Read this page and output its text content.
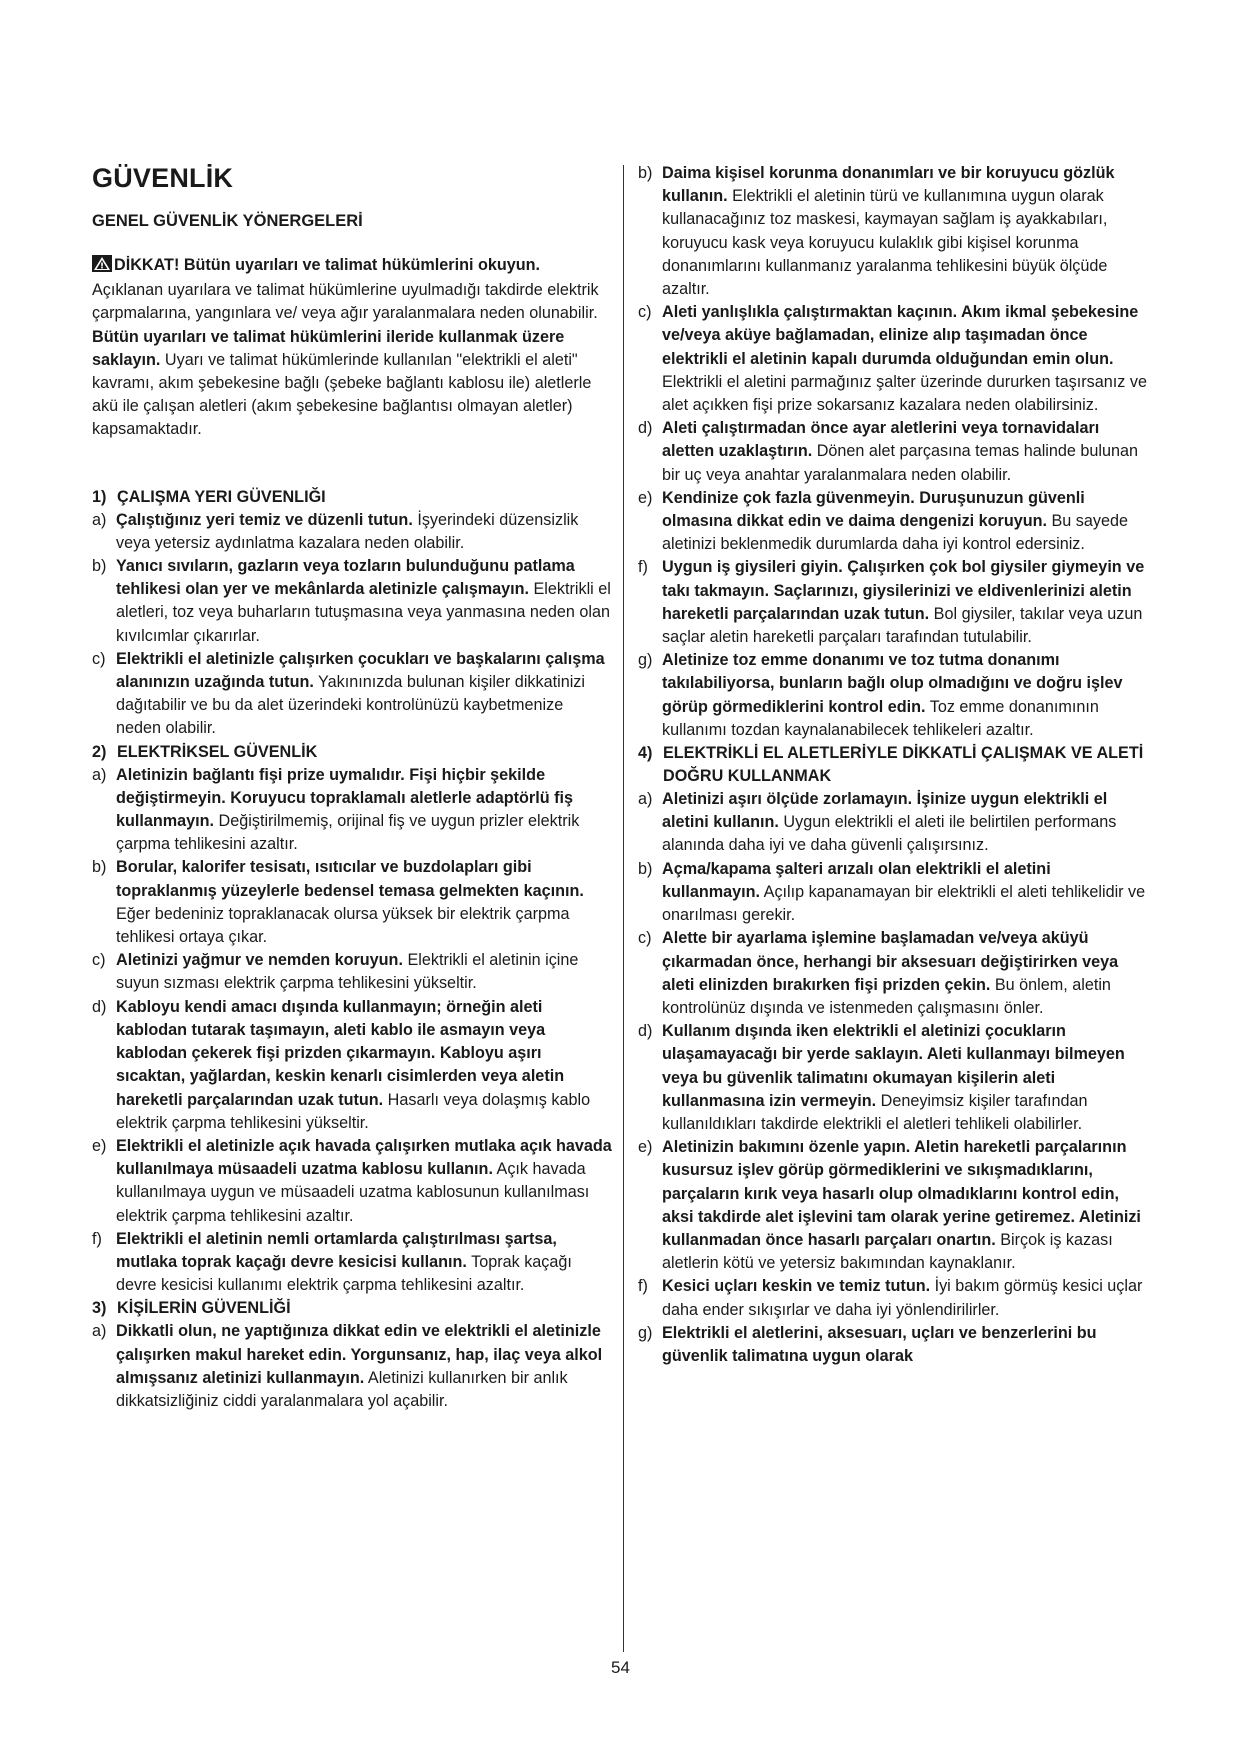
GÜVENLİK
GENEL GÜVENLİK YÖNERGELERİ

DİKKAT! Bütün uyarıları ve talimat hükümlerini okuyun. Açıklanan uyarılara ve talimat hükümlerine uyulmadığı takdirde elektrik çarpmalarına, yangınlara ve/ veya ağır yaralanmalara neden olunabilir. Bütün uyarıları ve talimat hükümlerini ileride kullanmak üzere saklayın. Uyarı ve talimat hükümlerinde kullanılan "elektrikli el aleti" kavramı, akım şebekesine bağlı (şebeke bağlantı kablosu ile) aletlerle akü ile çalışan aletleri (akım şebekesine bağlantısı olmayan aletler) kapsamaktadır.

1) ÇALIŞMA YERI GÜVENLIĞI
a) Çalıştığınız yeri temiz ve düzenli tutun. İşyerindeki düzensizlik veya yetersiz aydınlatma kazalara neden olabilir.
b) Yanıcı sıvıların, gazların veya tozların bulunduğunu patlama tehlikesi olan yer ve mekânlarda aletinizle çalışmayın. Elektrikli el aletleri, toz veya buharların tutuşmasına veya yanmasına neden olan kıvılcımlar çıkarırlar.
c) Elektrikli el aletinizle çalışırken çocukları ve başkalarını çalışma alanınızın uzağında tutun. Yakınınızda bulunan kişiler dikkatinizi dağıtabilir ve bu da alet üzerindeki kontrolünüzü kaybetmenize neden olabilir.
2) ELEKTRİKSEL GÜVENLİK
a) Aletinizin bağlantı fişi prize uymalıdır. Fişi hiçbir şekilde değiştirmeyin. Koruyucu topraklamalı aletlerle adaptörlü fiş kullanmayın. Değiştirilmemiş, orijinal fiş ve uygun prizler elektrik çarpma tehlikesini azaltır.
b) Borular, kalorifer tesisatı, ısıtıcılar ve buzdolapları gibi topraklanmış yüzeylerle bedensel temasa gelmekten kaçının. Eğer bedeniniz topraklanacak olursa yüksek bir elektrik çarpma tehlikesi ortaya çıkar.
c) Aletinizi yağmur ve nemden koruyun. Elektrikli el aletinin içine suyun sızması elektrik çarpma tehlikesini yükseltir.
d) Kabloyu kendi amacı dışında kullanmayın; örneğin aleti kablodan tutarak taşımayın, aleti kablo ile asmayın veya kablodan çekerek fişi prizden çıkarmayın. Kabloyu aşırı sıcaktan, yağlardan, keskin kenarlı cisimlerden veya aletin hareketli parçalarından uzak tutun. Hasarlı veya dolaşmış kablo elektrik çarpma tehlikesini yükseltir.
e) Elektrikli el aletinizle açık havada çalışırken mutlaka açık havada kullanılmaya müsaadeli uzatma kablosu kullanın. Açık havada kullanılmaya uygun ve müsaadeli uzatma kablosunun kullanılması elektrik çarpma tehlikesini azaltır.
f) Elektrikli el aletinin nemli ortamlarda çalıştırılması şartsa, mutlaka toprak kaçağı devre kesicisi kullanın. Toprak kaçağı devre kesicisi kullanımı elektrik çarpma tehlikesini azaltır.
3) KİŞİLERİN GÜVENLİĞİ
a) Dikkatli olun, ne yaptığınıza dikkat edin ve elektrikli el aletinizle çalışırken makul hareket edin. Yorgunsanız, hap, ilaç veya alkol almışsanız aletinizi kullanmayın. Aletinizi kullanırken bir anlık dikkatsizliğiniz ciddi yaralanmalara yol açabilir.
b) Daima kişisel korunma donanımları ve bir koruyucu gözlük kullanın. Elektrikli el aletinin türü ve kullanımına uygun olarak kullanacağınız toz maskesi, kaymayan sağlam iş ayakkabıları, koruyucu kask veya koruyucu kulaklık gibi kişisel korunma donanımlarını kullanmanız yaralanma tehlikesini büyük ölçüde azaltır.
c) Aleti yanlışlıkla çalıştırmaktan kaçının. Akım ikmal şebekesine ve/veya aküye bağlamadan, elinize alıp taşımadan önce elektrikli el aletinin kapalı durumda olduğundan emin olun. Elektrikli el aletini parmağınız şalter üzerinde dururken taşırsanız ve alet açıkken fişi prize sokarsanız kazalara neden olabilirsiniz.
d) Aleti çalıştırmadan önce ayar aletlerini veya tornavidaları aletten uzaklaştırın. Dönen alet parçasına temas halinde bulunan bir uç veya anahtar yaralanmalara neden olabilir.
e) Kendinize çok fazla güvenmeyin. Duruşunuzun güvenli olmasına dikkat edin ve daima dengenizi koruyun. Bu sayede aletinizi beklenmedik durumlarda daha iyi kontrol edersiniz.
f) Uygun iş giysileri giyin. Çalışırken çok bol giysiler giymeyin ve takı takmayın. Saçlarınızı, giysilerinizi ve eldivenlerinizi aletin hareketli parçalarından uzak tutun. Bol giysiler, takılar veya uzun saçlar aletin hareketli parçaları tarafından tutulabilir.
g) Aletinize toz emme donanımı ve toz tutma donanımı takılabiliyorsa, bunların bağlı olup olmadığını ve doğru işlev görüp görmediklerini kontrol edin. Toz emme donanımının kullanımı tozdan kaynalanabilecek tehlikeleri azaltır.
4) ELEKTRİKLİ EL ALETLERİYLE DİKKATLİ ÇALIŞMAK VE ALETİ DOĞRU KULLANMAK
a) Aletinizi aşırı ölçüde zorlamayın. İşinize uygun elektrikli el aletini kullanın. Uygun elektrikli el aleti ile belirtilen performans alanında daha iyi ve daha güvenli çalışırsınız.
b) Açma/kapama şalteri arızalı olan elektrikli el aletini kullanmayın. Açılıp kapanamayan bir elektrikli el aleti tehlikelidir ve onarılması gerekir.
c) Alette bir ayarlama işlemine başlamadan ve/veya aküyü çıkarmadan önce, herhangi bir aksesuarı değiştirirken veya aleti elinizden bırakırken fişi prizden çekin. Bu önlem, aletin kontrolünüz dışında ve istenmeden çalışmasını önler.
d) Kullanım dışında iken elektrikli el aletinizi çocukların ulaşamayacağı bir yerde saklayın. Aleti kullanmayı bilmeyen veya bu güvenlik talimatını okumayan kişilerin aleti kullanmasına izin vermeyin. Deneyimsiz kişiler tarafından kullanıldıkları takdirde elektrikli el aletleri tehlikeli olabilirler.
e) Aletinizin bakımını özenle yapın. Aletin hareketli parçalarının kusursuz işlev görüp görmediklerini ve sıkışmadıklarını, parçaların kırık veya hasarlı olup olmadıklarını kontrol edin, aksi takdirde alet işlevini tam olarak yerine getiremez. Aletinizi kullanmadan önce hasarlı parçaları onartın. Birçok iş kazası aletlerin kötü ve yetersiz bakımından kaynaklanır.
f) Kesici uçları keskin ve temiz tutun. İyi bakım görmüş kesici uçlar daha ender sıkışırlar ve daha iyi yönlendirilirler.
g) Elektrikli el aletlerini, aksesuarı, uçları ve benzerlerini bu güvenlik talimatına uygun olarak
54
